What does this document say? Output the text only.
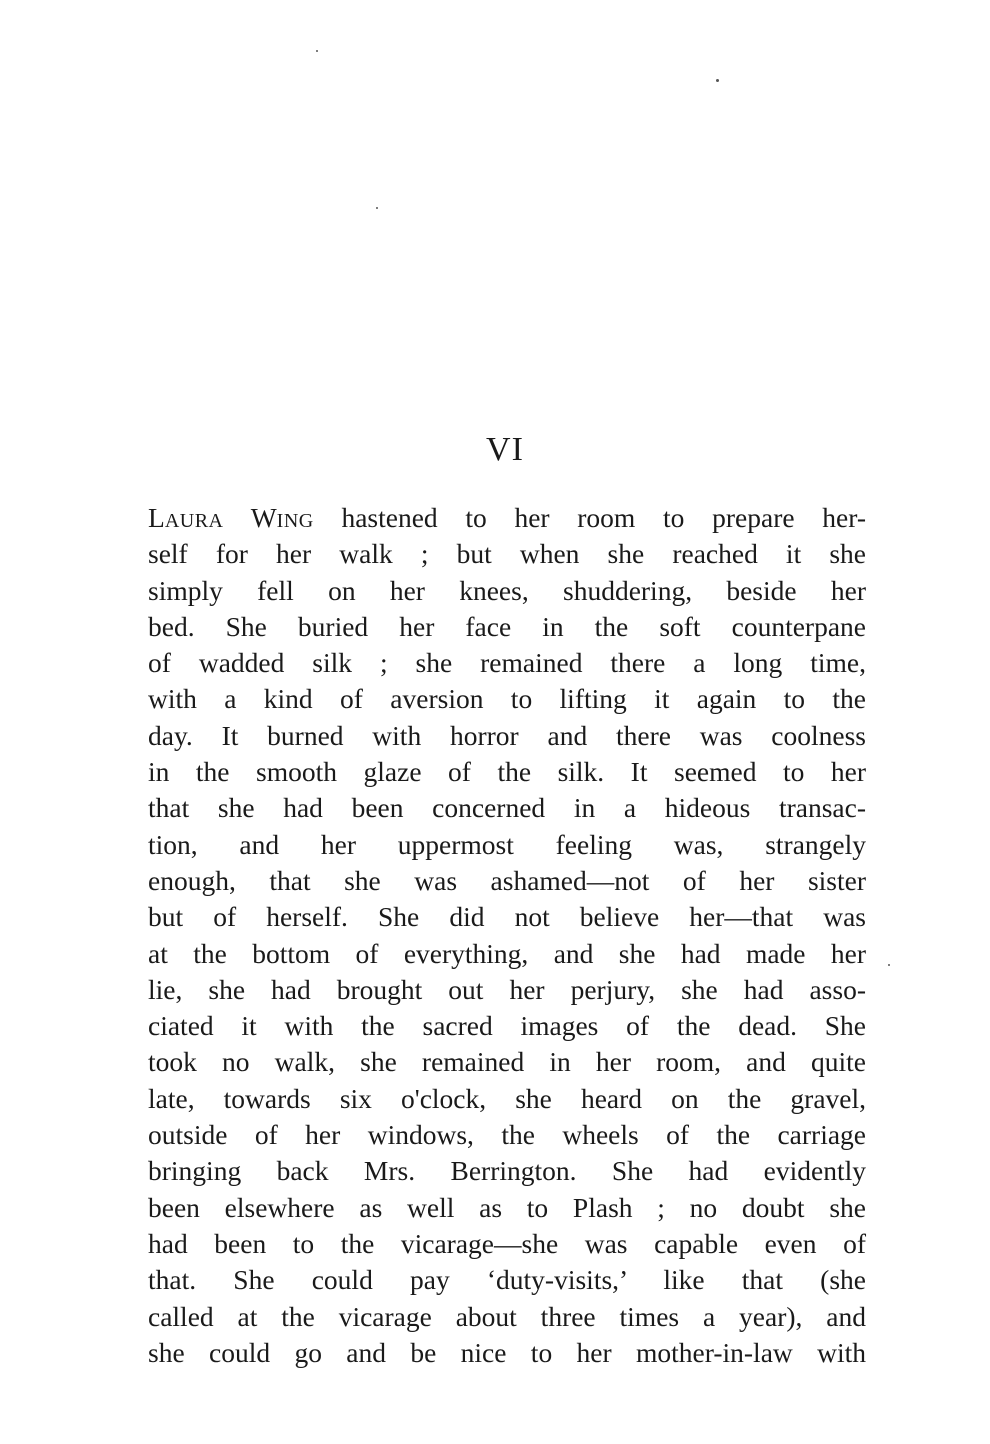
VI
LAURA WING hastened to her room to prepare her-
self for her walk ; but when she reached it she
simply fell on her knees, shuddering, beside her
bed. She buried her face in the soft counterpane
of wadded silk ; she remained there a long time,
with a kind of aversion to lifting it again to the
day. It burned with horror and there was coolness
in the smooth glaze of the silk. It seemed to her
that she had been concerned in a hideous transac-
tion, and her uppermost feeling was, strangely
enough, that she was ashamed—not of her sister
but of herself. She did not believe her—that was
at the bottom of everything, and she had made her
lie, she had brought out her perjury, she had asso-
ciated it with the sacred images of the dead. She
took no walk, she remained in her room, and quite
late, towards six o'clock, she heard on the gravel,
outside of her windows, the wheels of the carriage
bringing back Mrs. Berrington. She had evidently
been elsewhere as well as to Plash ; no doubt she
had been to the vicarage—she was capable even of
that. She could pay ‘duty-visits,’ like that (she
called at the vicarage about three times a year), and
she could go and be nice to her mother-in-law with
